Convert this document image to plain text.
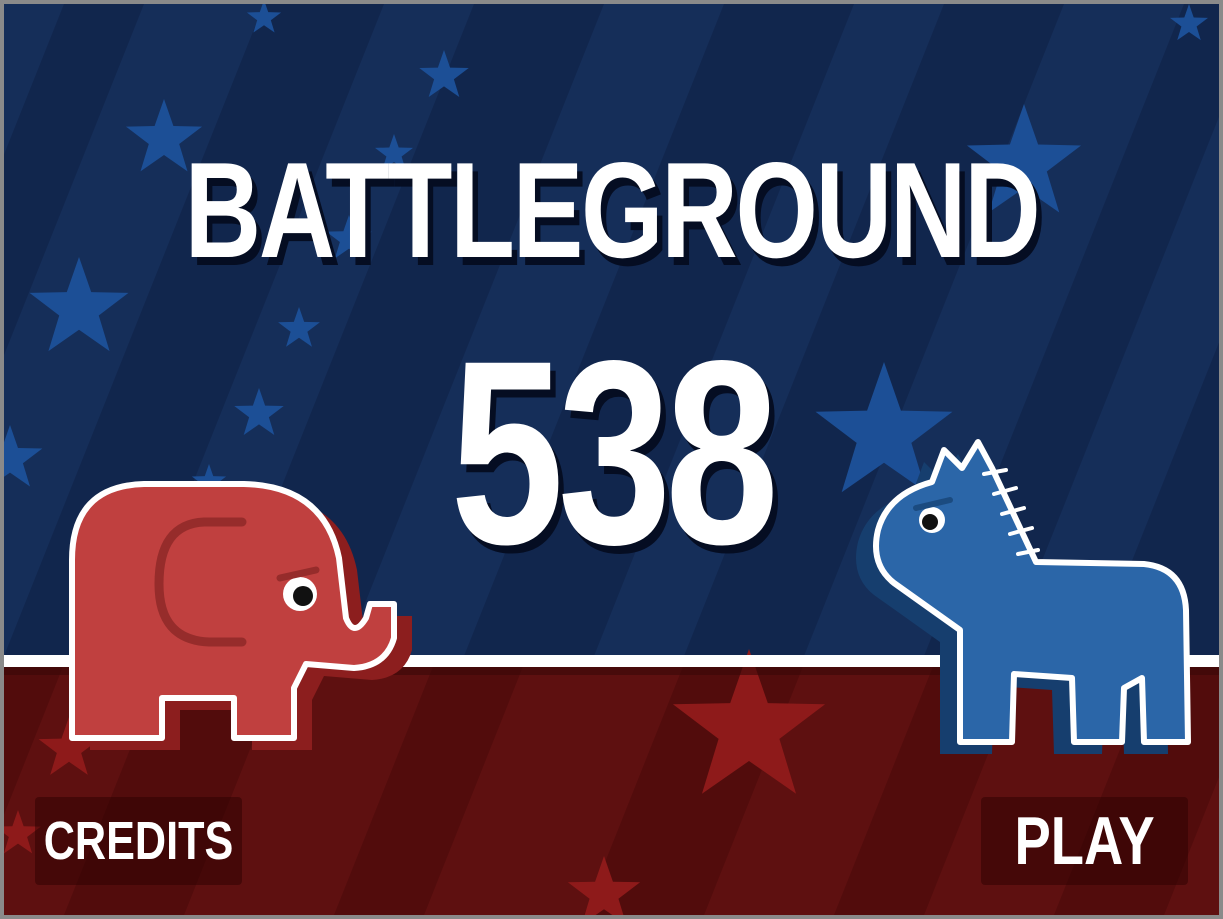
BATTLEGROUND
538
CREDITS	PLAY
